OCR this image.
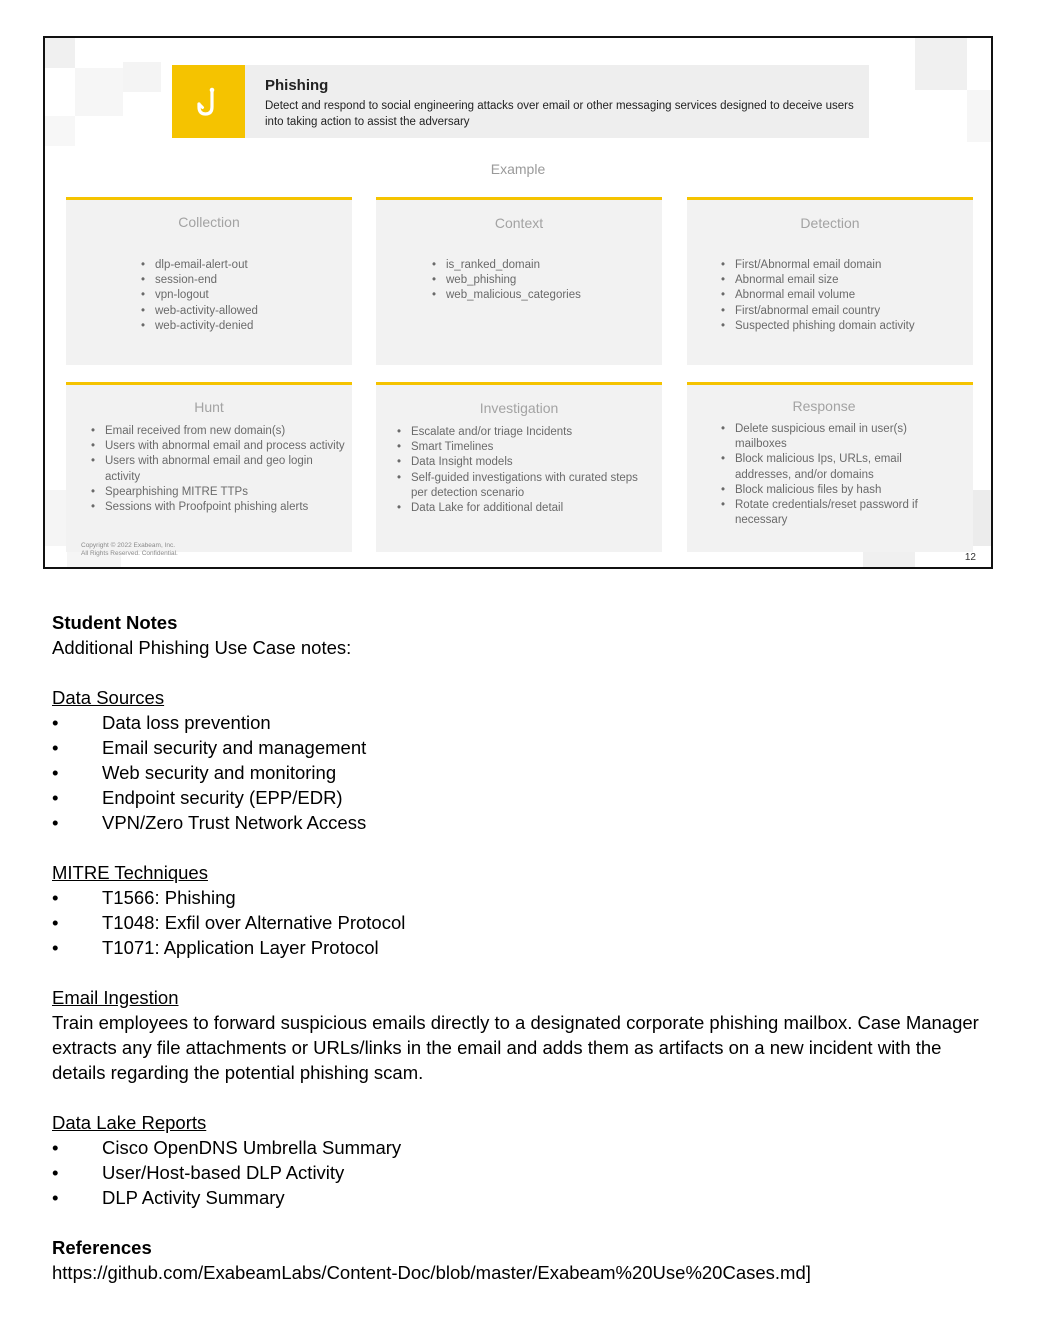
Phishing
Detect and respond to social engineering attacks over email or other messaging services designed to deceive users into taking action to assist the adversary
Example
Collection
• dlp-email-alert-out
• session-end
• vpn-logout
• web-activity-allowed
• web-activity-denied
Context
• is_ranked_domain
• web_phishing
• web_malicious_categories
Detection
• First/Abnormal email domain
• Abnormal email size
• Abnormal email volume
• First/abnormal email country
• Suspected phishing domain activity
Hunt
• Email received from new domain(s)
• Users with abnormal email and process activity
• Users with abnormal email and geo login activity
• Spearphishing MITRE TTPs
• Sessions with Proofpoint phishing alerts
Investigation
• Escalate and/or triage Incidents
• Smart Timelines
• Data Insight models
• Self-guided investigations with curated steps per detection scenario
• Data Lake for additional detail
Response
• Delete suspicious email in user(s) mailboxes
• Block malicious Ips, URLs, email addresses, and/or domains
• Block malicious files by hash
• Rotate credentials/reset password if necessary
Copyright © 2022 Exabeam, Inc.
All Rights Reserved. Confidential.	12

Student Notes

Additional Phishing Use Case notes:

Data Sources

• Data loss prevention

• Email security and management

• Web security and monitoring

• Endpoint security (EPP/EDR)

• VPN/Zero Trust Network Access

MITRE Techniques

• T1566: Phishing

• T1048: Exfil over Alternative Protocol

• T1071: Application Layer Protocol

Email Ingestion

Train employees to forward suspicious emails directly to a designated corporate phishing mailbox. Case Manager extracts any file attachments or URLs/links in the email and adds them as artifacts on a new incident with the details regarding the potential phishing scam.

Data Lake Reports

• Cisco OpenDNS Umbrella Summary

• User/Host-based DLP Activity

• DLP Activity Summary

References

https://github.com/ExabeamLabs/Content-Doc/blob/master/Exabeam%20Use%20Cases.md]
